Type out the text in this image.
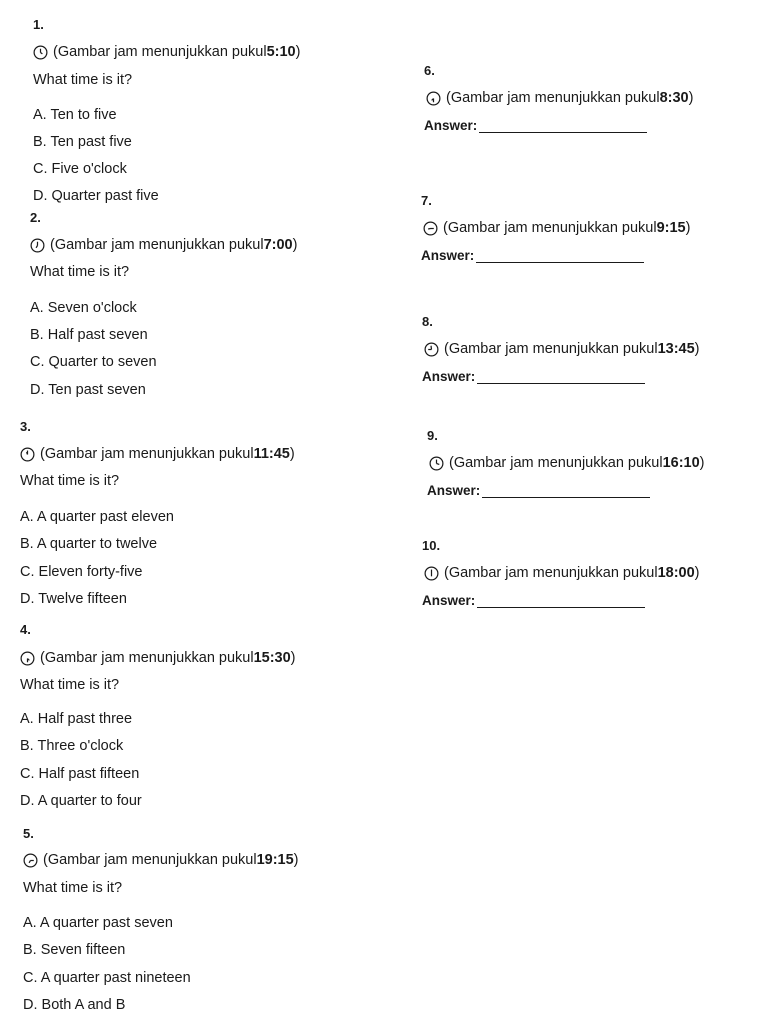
1.
(Gambar jam menunjukkan pukul 5:10 )
What time is it?
A. Ten to five
B. Ten past five
C. Five o'clock
D. Quarter past five
2.
(Gambar jam menunjukkan pukul 7:00 )
What time is it?
A. Seven o'clock
B. Half past seven
C. Quarter to seven
D. Ten past seven
3.
(Gambar jam menunjukkan pukul 11:45 )
What time is it?
A. A quarter past eleven
B. A quarter to twelve
C. Eleven forty-five
D. Twelve fifteen
4.
(Gambar jam menunjukkan pukul 15:30 )
What time is it?
A. Half past three
B. Three o'clock
C. Half past fifteen
D. A quarter to four
5.
(Gambar jam menunjukkan pukul 19:15 )
What time is it?
A. A quarter past seven
B. Seven fifteen
C. A quarter past nineteen
D. Both A and B
6.
(Gambar jam menunjukkan pukul 8:30 )
Answer:
7.
(Gambar jam menunjukkan pukul 9:15 )
Answer:
8.
(Gambar jam menunjukkan pukul 13:45 )
Answer:
9.
(Gambar jam menunjukkan pukul 16:10 )
Answer:
10.
(Gambar jam menunjukkan pukul 18:00 )
Answer:
